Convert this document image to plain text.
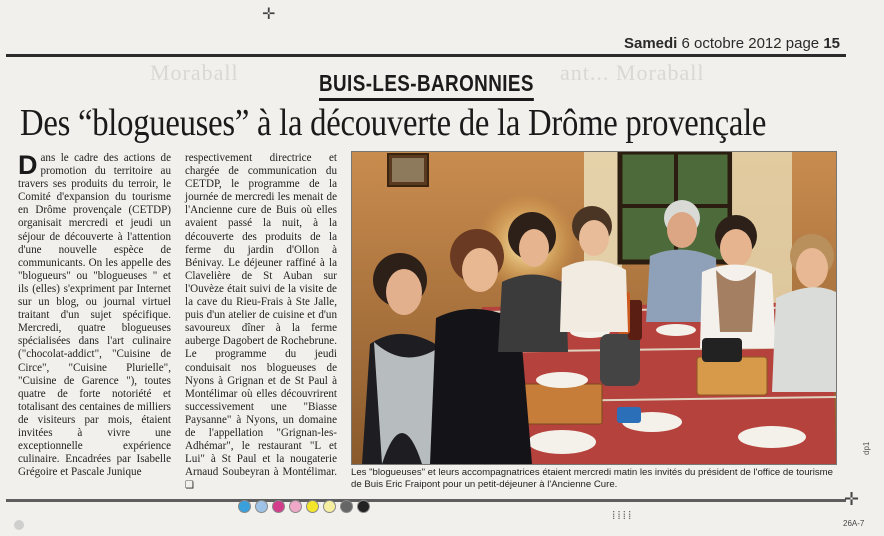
Moraball	ant... Moraball
✛
Samedi 6 octobre 2012 page 15
BUIS-LES-BARONNIES
Des “blogueuses” à la découverte de la Drôme provençale
Dans le cadre des actions de promotion du territoire au travers ses produits du terroir, le Comité d'expansion du tourisme en Drôme provençale (CETDP) organisait mercredi et jeudi un séjour de découverte à l'attention d'une nouvelle espèce de communicants. On les appelle des "blogueurs" ou "blogueuses " et ils (elles) s'expriment par Internet sur un blog, ou journal virtuel traitant d'un sujet spécifique. Mercredi, quatre blogueuses spécialisées dans l'art culinaire ("chocolat-addict", "Cuisine de Circe", "Cuisine Plurielle", "Cuisine de Garence "), toutes quatre de forte notoriété et totalisant des centaines de milliers de visiteurs par mois, étaient invitées à vivre une exceptionnelle expérience culinaire. Encadrées par Isabelle Grégoire et Pascale Junique
respectivement directrice et chargée de communication du CETDP, le programme de la journée de mercredi les menait de l'Ancienne cure de Buis où elles avaient passé la nuit, à la découverte des produits de la ferme du jardin d'Ollon à Bénivay. Le déjeuner raffiné à la Clavelière de St Auban sur l'Ouvèze était suivi de la visite de la cave du Rieu-Frais à Ste Jalle, puis d'un atelier de cuisine et d'un savoureux dîner à la ferme auberge Dagobert de Rochebrune. Le programme du jeudi conduisait nos blogueuses de Nyons à Grignan et de St Paul à Montélimar où elles découvrirent successivement une "Biasse Paysanne" à Nyons, un domaine de l'appellation "Grignan-les-Adhémar", le restaurant "L et Lui" à St Paul et la nougaterie Arnaud Soubeyran à Montélimar. ❏
Les "blogueuses" et leurs accompagnatrices étaient mercredi matin les invités du président de l'office de tourisme de Buis Eric Fraipont pour un petit-déjeuner à l'Ancienne Cure.
⁞⁞⁞⁞
✛
26A-7
dp1
